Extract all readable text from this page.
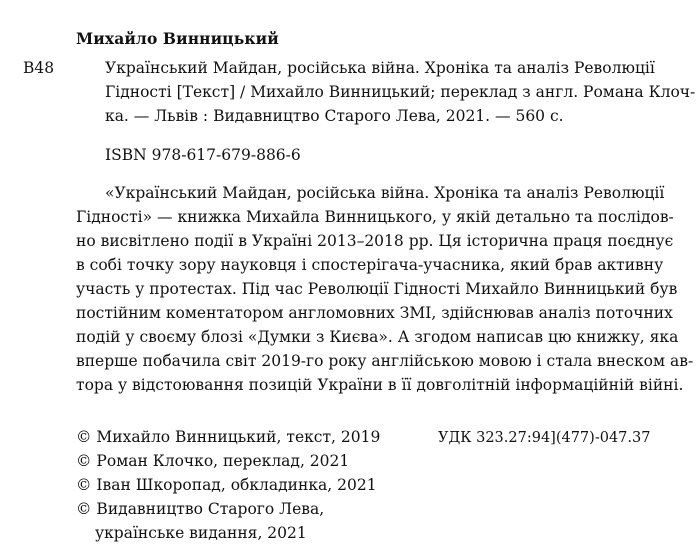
Михайло Винницький
В48	Український Майдан, російська війна. Хроніка та аналіз Революції
Гідності [Текст] / Михайло Винницький; переклад з англ. Романа Клоч-
ка. — Львів : Видавництво Старого Лева, 2021. — 560 с.
ISBN 978-617-679-886-6
«Український Майдан, російська війна. Хроніка та аналіз Революції
Гідності» — книжка Михайла Винницького, у якій детально та послідов-
но висвітлено події в Україні 2013–2018 рр. Ця історична праця поєднує
в собі точку зору науковця і спостерігача-учасника, який брав активну
участь у протестах. Під час Революції Гідності Михайло Винницький був
постійним коментатором англомовних ЗМІ, здійснював аналіз поточних
подій у своєму блозі «Думки з Києва». А згодом написав цю книжку, яка
вперше побачила світ 2019-го року англійською мовою і стала внеском ав-
тора у відстоювання позицій України в її довголітній інформаційній війні.
© Михайло Винницький, текст, 2019
© Роман Клочко, переклад, 2021
© Іван Шкоропад, обкладинка, 2021
© Видавництво Старого Лева,
українське видання, 2021
УДК 323.27:94](477)-047.37
